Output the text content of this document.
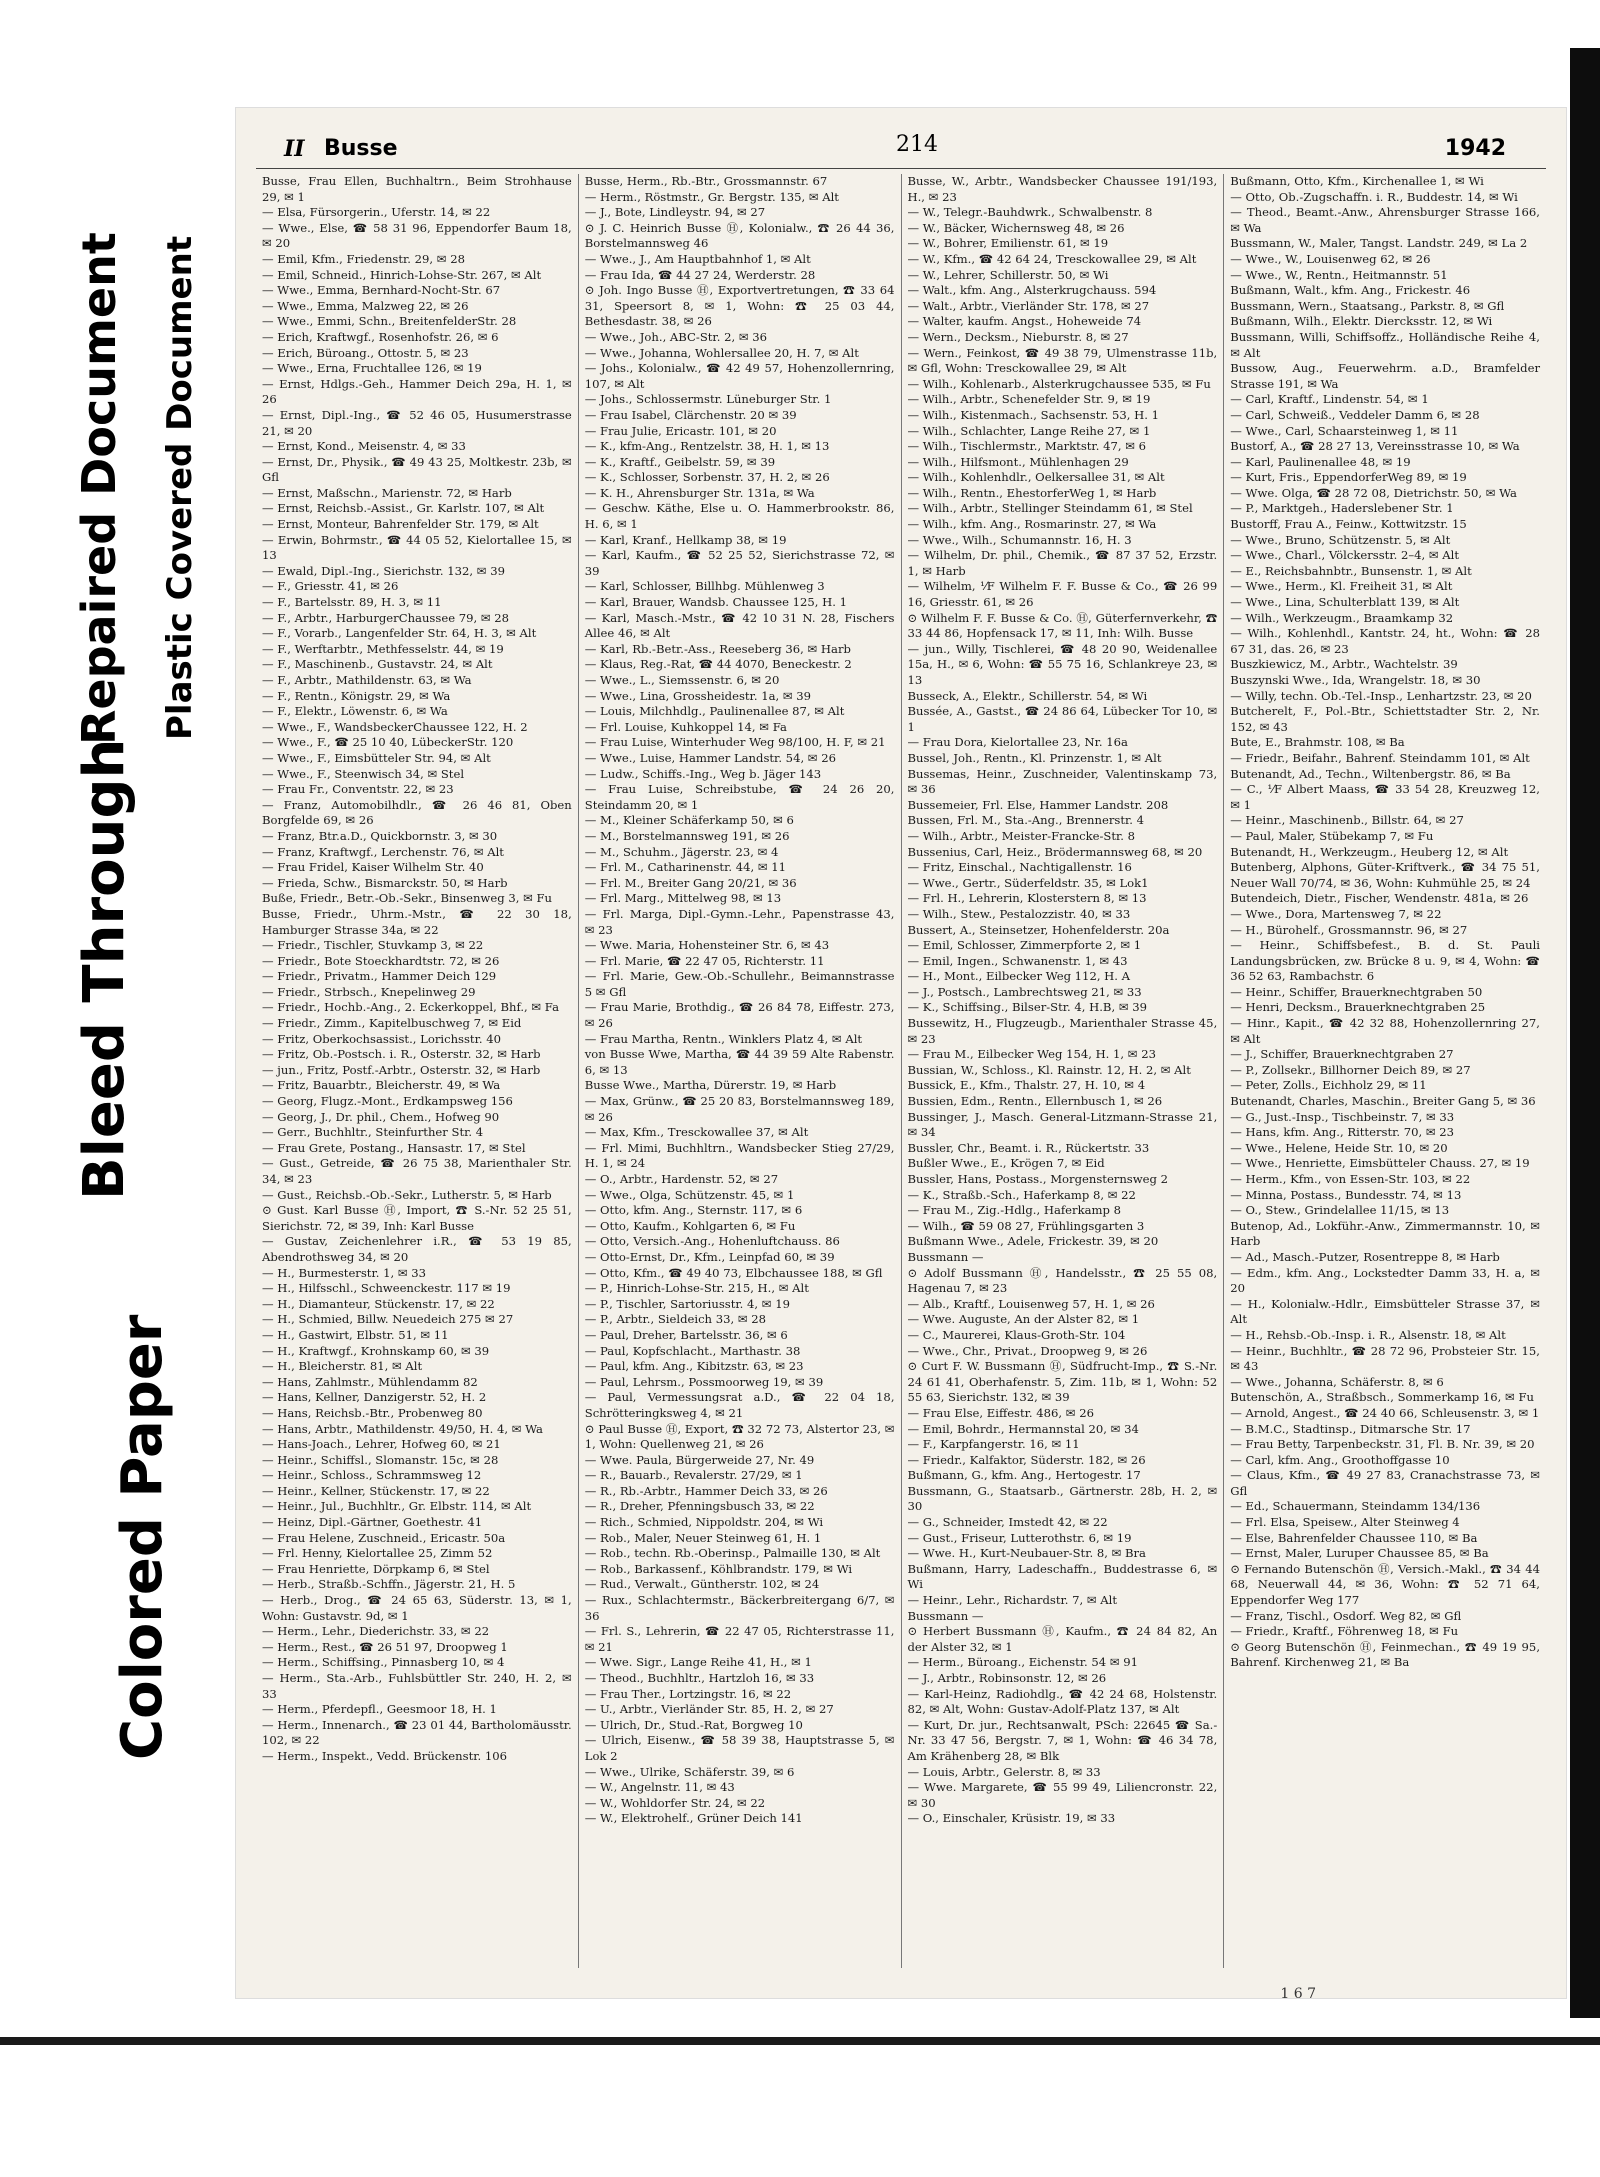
Bleed Through
Repaired Document Plastic Covered Document
Colored Paper
II Busse	214	1942
Busse, Frau Ellen, Buchhaltrn., Beim Strohhause 29, ✉ 1
— Elsa, Fürsorgerin., Uferstr. 14, ✉ 22
— Wwe., Else, ☎ 58 31 96, Eppendorfer Baum 18, ✉ 20
— Emil, Kfm., Friedenstr. 29, ✉ 28
— Emil, Schneid., Hinrich-Lohse-Str. 267, ✉ Alt
— Wwe., Emma, Bernhard-Nocht-Str. 67
— Wwe., Emma, Malzweg 22, ✉ 26
— Wwe., Emmi, Schn., BreitenfelderStr. 28
— Erich, Kraftwgf., Rosenhofstr. 26, ✉ 6
— Erich, Büroang., Ottostr. 5, ✉ 23
— Wwe., Erna, Fruchtallee 126, ✉ 19
— Ernst, Hdlgs.-Geh., Hammer Deich 29a, H. 1, ✉ 26
— Ernst, Dipl.-Ing., ☎ 52 46 05, Husumerstrasse 21, ✉ 20
— Ernst, Kond., Meisenstr. 4, ✉ 33
— Ernst, Dr., Physik., ☎ 49 43 25, Moltkestr. 23b, ✉ Gfl
— Ernst, Maßschn., Marienstr. 72, ✉ Harb
— Ernst, Reichsb.-Assist., Gr. Karlstr. 107, ✉ Alt
— Ernst, Monteur, Bahrenfelder Str. 179, ✉ Alt
— Erwin, Bohrmstr., ☎ 44 05 52, Kielortallee 15, ✉ 13
— Ewald, Dipl.-Ing., Sierichstr. 132, ✉ 39
— F., Griesstr. 41, ✉ 26
— F., Bartelsstr. 89, H. 3, ✉ 11
— F., Arbtr., HarburgerChaussee 79, ✉ 28
— F., Vorarb., Langenfelder Str. 64, H. 3, ✉ Alt
— F., Werftarbtr., Methfesselstr. 44, ✉ 19
— F., Maschinenb., Gustavstr. 24, ✉ Alt
— F., Arbtr., Mathildenstr. 63, ✉ Wa
— F., Rentn., Königstr. 29, ✉ Wa
— F., Elektr., Löwenstr. 6, ✉ Wa
— Wwe., F., WandsbeckerChaussee 122, H. 2
— Wwe., F., ☎ 25 10 40, LübeckerStr. 120
— Wwe., F., Eimsbütteler Str. 94, ✉ Alt
— Wwe., F., Steenwisch 34, ✉ Stel
— Frau Fr., Conventstr. 22, ✉ 23
— Franz, Automobilhdlr., ☎ 26 46 81, Oben Borgfelde 69, ✉ 26
— Franz, Btr.a.D., Quickbornstr. 3, ✉ 30
— Franz, Kraftwgf., Lerchenstr. 76, ✉ Alt
— Frau Fridel, Kaiser Wilhelm Str. 40
— Frieda, Schw., Bismarckstr. 50, ✉ Harb
Buße, Friedr., Betr.-Ob.-Sekr., Binsenweg 3, ✉ Fu
Busse, Friedr., Uhrm.-Mstr., ☎ 22 30 18, Hamburger Strasse 34a, ✉ 22
— Friedr., Tischler, Stuvkamp 3, ✉ 22
— Friedr., Bote Stoeckhardtstr. 72, ✉ 26
— Friedr., Privatm., Hammer Deich 129
— Friedr., Strbsch., Knepelinweg 29
— Friedr., Hochb.-Ang., 2. Eckerkoppel, Bhf., ✉ Fa
— Friedr., Zimm., Kapitelbuschweg 7, ✉ Eid
— Fritz, Oberkochsassist., Lorichsstr. 40
— Fritz, Ob.-Postsch. i. R., Osterstr. 32, ✉ Harb
— jun., Fritz, Postf.-Arbtr., Osterstr. 32, ✉ Harb
— Fritz, Bauarbtr., Bleicherstr. 49, ✉ Wa
— Georg, Flugz.-Mont., Erdkampsweg 156
— Georg, J., Dr. phil., Chem., Hofweg 90
— Gerr., Buchhltr., Steinfurther Str. 4
— Frau Grete, Postang., Hansastr. 17, ✉ Stel
— Gust., Getreide, ☎ 26 75 38, Marienthaler Str. 34, ✉ 23
— Gust., Reichsb.-Ob.-Sekr., Lutherstr. 5, ✉ Harb
⊙ Gust. Karl Busse Ⓗ, Import, ☎ S.-Nr. 52 25 51, Sierichstr. 72, ✉ 39, Inh: Karl Busse
— Gustav, Zeichenlehrer i.R., ☎ 53 19 85, Abendrothsweg 34, ✉ 20
— H., Burmesterstr. 1, ✉ 33
— H., Hilfsschl., Schweenckestr. 117 ✉ 19
— H., Diamanteur, Stückenstr. 17, ✉ 22
— H., Schmied, Billw. Neuedeich 275 ✉ 27
— H., Gastwirt, Elbstr. 51, ✉ 11
— H., Kraftwgf., Krohnskamp 60, ✉ 39
— H., Bleicherstr. 81, ✉ Alt
— Hans, Zahlmstr., Mühlendamm 82
— Hans, Kellner, Danzigerstr. 52, H. 2
— Hans, Reichsb.-Btr., Probenweg 80
— Hans, Arbtr., Mathildenstr. 49/50, H. 4, ✉ Wa
— Hans-Joach., Lehrer, Hofweg 60, ✉ 21
— Heinr., Schiffsl., Slomanstr. 15c, ✉ 28
— Heinr., Schloss., Schrammsweg 12
— Heinr., Kellner, Stückenstr. 17, ✉ 22
— Heinr., Jul., Buchhltr., Gr. Elbstr. 114, ✉ Alt
— Heinz, Dipl.-Gärtner, Goethestr. 41
— Frau Helene, Zuschneid., Ericastr. 50a
— Frl. Henny, Kielortallee 25, Zimm 52
— Frau Henriette, Dörpkamp 6, ✉ Stel
— Herb., Straßb.-Schffn., Jägerstr. 21, H. 5
— Herb., Drog., ☎ 24 65 63, Süderstr. 13, ✉ 1, Wohn: Gustavstr. 9d, ✉ 1
— Herm., Lehr., Diederichstr. 33, ✉ 22
— Herm., Rest., ☎ 26 51 97, Droopweg 1
— Herm., Schiffsing., Pinnasberg 10, ✉ 4
— Herm., Sta.-Arb., Fuhlsbüttler Str. 240, H. 2, ✉ 33
— Herm., Pferdepfl., Geesmoor 18, H. 1
— Herm., Innenarch., ☎ 23 01 44, Bartholomäusstr. 102, ✉ 22
— Herm., Inspekt., Vedd. Brückenstr. 106
Busse, Herm., Rb.-Btr., Grossmannstr. 67
— Herm., Röstmstr., Gr. Bergstr. 135, ✉ Alt
— J., Bote, Lindleystr. 94, ✉ 27
⊙ J. C. Heinrich Busse Ⓗ, Kolonialw., ☎ 26 44 36, Borstelmannsweg 46
— Wwe., J., Am Hauptbahnhof 1, ✉ Alt
— Frau Ida, ☎ 44 27 24, Werderstr. 28
⊙ Joh. Ingo Busse Ⓗ, Exportvertretungen, ☎ 33 64 31, Speersort 8, ✉ 1, Wohn: ☎ 25 03 44, Bethesdastr. 38, ✉ 26
— Wwe., Joh., ABC-Str. 2, ✉ 36
— Wwe., Johanna, Wohlersallee 20, H. 7, ✉ Alt
— Johs., Kolonialw., ☎ 42 49 57, Hohenzollernring, 107, ✉ Alt
— Johs., Schlossermstr. Lüneburger Str. 1
— Frau Isabel, Clärchenstr. 20 ✉ 39
— Frau Julie, Ericastr. 101, ✉ 20
— K., kfm-Ang., Rentzelstr. 38, H. 1, ✉ 13
— K., Kraftf., Geibelstr. 59, ✉ 39
— K., Schlosser, Sorbenstr. 37, H. 2, ✉ 26
— K. H., Ahrensburger Str. 131a, ✉ Wa
— Geschw. Käthe, Else u. O. Hammerbrookstr. 86, H. 6, ✉ 1
— Karl, Kranf., Hellkamp 38, ✉ 19
— Karl, Kaufm., ☎ 52 25 52, Sierichstrasse 72, ✉ 39
— Karl, Schlosser, Billhbg. Mühlenweg 3
— Karl, Brauer, Wandsb. Chaussee 125, H. 1
— Karl, Masch.-Mstr., ☎ 42 10 31 N. 28, Fischers Allee 46, ✉ Alt
— Karl, Rb.-Betr.-Ass., Reeseberg 36, ✉ Harb
— Klaus, Reg.-Rat, ☎ 44 4070, Beneckestr. 2
— Wwe., L., Siemssenstr. 6, ✉ 20
— Wwe., Lina, Grossheidestr. 1a, ✉ 39
— Louis, Milchhdlg., Paulinenallee 87, ✉ Alt
— Frl. Louise, Kuhkoppel 14, ✉ Fa
— Frau Luise, Winterhuder Weg 98/100, H. F, ✉ 21
— Wwe., Luise, Hammer Landstr. 54, ✉ 26
— Ludw., Schiffs.-Ing., Weg b. Jäger 143
— Frau Luise, Schreibstube, ☎ 24 26 20, Steindamm 20, ✉ 1
— M., Kleiner Schäferkamp 50, ✉ 6
— M., Borstelmannsweg 191, ✉ 26
— M., Schuhm., Jägerstr. 23, ✉ 4
— Frl. M., Catharinenstr. 44, ✉ 11
— Frl. M., Breiter Gang 20/21, ✉ 36
— Frl. Marg., Mittelweg 98, ✉ 13
— Frl. Marga, Dipl.-Gymn.-Lehr., Papenstrasse 43, ✉ 23
— Wwe. Maria, Hohensteiner Str. 6, ✉ 43
— Frl. Marie, ☎ 22 47 05, Richterstr. 11
— Frl. Marie, Gew.-Ob.-Schullehr., Beimannstrasse 5 ✉ Gfl
— Frau Marie, Brothdig., ☎ 26 84 78, Eiffestr. 273, ✉ 26
— Frau Martha, Rentn., Winklers Platz 4, ✉ Alt
von Busse Wwe, Martha, ☎ 44 39 59 Alte Rabenstr. 6, ✉ 13
Busse Wwe., Martha, Dürerstr. 19, ✉ Harb
— Max, Grünw., ☎ 25 20 83, Borstelmannsweg 189, ✉ 26
— Max, Kfm., Tresckowallee 37, ✉ Alt
— Frl. Mimi, Buchhltrn., Wandsbecker Stieg 27/29, H. 1, ✉ 24
— O., Arbtr., Hardenstr. 52, ✉ 27
— Wwe., Olga, Schützenstr. 45, ✉ 1
— Otto, kfm. Ang., Sternstr. 117, ✉ 6
— Otto, Kaufm., Kohlgarten 6, ✉ Fu
— Otto, Versich.-Ang., Hohenluftchauss. 86
— Otto-Ernst, Dr., Kfm., Leinpfad 60, ✉ 39
— Otto, Kfm., ☎ 49 40 73, Elbchaussee 188, ✉ Gfl
— P., Hinrich-Lohse-Str. 215, H., ✉ Alt
— P., Tischler, Sartoriusstr. 4, ✉ 19
— P., Arbtr., Sieldeich 33, ✉ 28
— Paul, Dreher, Bartelsstr. 36, ✉ 6
— Paul, Kopfschlacht., Marthastr. 38
— Paul, kfm. Ang., Kibitzstr. 63, ✉ 23
— Paul, Lehrsm., Possmoorweg 19, ✉ 39
— Paul, Vermessungsrat a.D., ☎ 22 04 18, Schrötteringksweg 4, ✉ 21
⊙ Paul Busse Ⓗ, Export, ☎ 32 72 73, Alstertor 23, ✉ 1, Wohn: Quellenweg 21, ✉ 26
— Wwe. Paula, Bürgerweide 27, Nr. 49
— R., Bauarb., Revalerstr. 27/29, ✉ 1
— R., Rb.-Arbtr., Hammer Deich 33, ✉ 26
— R., Dreher, Pfenningsbusch 33, ✉ 22
— Rich., Schmied, Nippoldstr. 204, ✉ Wi
— Rob., Maler, Neuer Steinweg 61, H. 1
— Rob., techn. Rb.-Oberinsp., Palmaille 130, ✉ Alt
— Rob., Barkassenf., Köhlbrandstr. 179, ✉ Wi
— Rud., Verwalt., Güntherstr. 102, ✉ 24
— Rux., Schlachtermstr., Bäckerbreitergang 6/7, ✉ 36
— Frl. S., Lehrerin, ☎ 22 47 05, Richterstrasse 11, ✉ 21
— Wwe. Sigr., Lange Reihe 41, H., ✉ 1
— Theod., Buchhltr., Hartzloh 16, ✉ 33
— Frau Ther., Lortzingstr. 16, ✉ 22
— U., Arbtr., Vierländer Str. 85, H. 2, ✉ 27
— Ulrich, Dr., Stud.-Rat, Borgweg 10
— Ulrich, Eisenw., ☎ 58 39 38, Hauptstrasse 5, ✉ Lok 2
— Wwe., Ulrike, Schäferstr. 39, ✉ 6
— W., Angelnstr. 11, ✉ 43
— W., Wohldorfer Str. 24, ✉ 22
— W., Elektrohelf., Grüner Deich 141
Busse, W., Arbtr., Wandsbecker Chaussee 191/193, H., ✉ 23
— W., Telegr.-Bauhdwrk., Schwalbenstr. 8
— W., Bäcker, Wichernsweg 48, ✉ 26
— W., Bohrer, Emilienstr. 61, ✉ 19
— W., Kfm., ☎ 42 64 24, Tresckowallee 29, ✉ Alt
— W., Lehrer, Schillerstr. 50, ✉ Wi
— Walt., kfm. Ang., Alsterkrugchauss. 594
— Walt., Arbtr., Vierländer Str. 178, ✉ 27
— Walter, kaufm. Angst., Hoheweide 74
— Wern., Decksm., Nieburstr. 8, ✉ 27
— Wern., Feinkost, ☎ 49 38 79, Ulmenstrasse 11b, ✉ Gfl, Wohn: Tresckowallee 29, ✉ Alt
— Wilh., Kohlenarb., Alsterkrugchaussee 535, ✉ Fu
— Wilh., Arbtr., Schenefelder Str. 9, ✉ 19
— Wilh., Kistenmach., Sachsenstr. 53, H. 1
— Wilh., Schlachter, Lange Reihe 27, ✉ 1
— Wilh., Tischlermstr., Marktstr. 47, ✉ 6
— Wilh., Hilfsmont., Mühlenhagen 29
— Wilh., Kohlenhdlr., Oelkersallee 31, ✉ Alt
— Wilh., Rentn., EhestorferWeg 1, ✉ Harb
— Wilh., Arbtr., Stellinger Steindamm 61, ✉ Stel
— Wilh., kfm. Ang., Rosmarinstr. 27, ✉ Wa
— Wwe., Wilh., Schumannstr. 16, H. 3
— Wilhelm, Dr. phil., Chemik., ☎ 87 37 52, Erzstr. 1, ✉ Harb
— Wilhelm, ⅟F Wilhelm F. F. Busse & Co., ☎ 26 99 16, Griesstr. 61, ✉ 26
⊙ Wilhelm F. F. Busse & Co. Ⓗ, Güterfernverkehr, ☎ 33 44 86, Hopfensack 17, ✉ 11, Inh: Wilh. Busse
— jun., Willy, Tischlerei, ☎ 48 20 90, Weidenallee 15a, H., ✉ 6, Wohn: ☎ 55 75 16, Schlankreye 23, ✉ 13
Busseck, A., Elektr., Schillerstr. 54, ✉ Wi
Bussée, A., Gastst., ☎ 24 86 64, Lübecker Tor 10, ✉ 1
— Frau Dora, Kielortallee 23, Nr. 16a
Bussel, Joh., Rentn., Kl. Prinzenstr. 1, ✉ Alt
Bussemas, Heinr., Zuschneider, Valentinskamp 73, ✉ 36
Bussemeier, Frl. Else, Hammer Landstr. 208
Bussen, Frl. M., Sta.-Ang., Brennerstr. 4
— Wilh., Arbtr., Meister-Francke-Str. 8
Bussenius, Carl, Heiz., Brödermannsweg 68, ✉ 20
— Fritz, Einschal., Nachtigallenstr. 16
— Wwe., Gertr., Süderfeldstr. 35, ✉ Lok1
— Frl. H., Lehrerin, Klosterstern 8, ✉ 13
— Wilh., Stew., Pestalozzistr. 40, ✉ 33
Bussert, A., Steinsetzer, Hohenfelderstr. 20a
— Emil, Schlosser, Zimmerpforte 2, ✉ 1
— Emil, Ingen., Schwanenstr. 1, ✉ 43
— H., Mont., Eilbecker Weg 112, H. A
— J., Postsch., Lambrechtsweg 21, ✉ 33
— K., Schiffsing., Bilser-Str. 4, H.B, ✉ 39
Bussewitz, H., Flugzeugb., Marienthaler Strasse 45, ✉ 23
— Frau M., Eilbecker Weg 154, H. 1, ✉ 23
Bussian, W., Schloss., Kl. Rainstr. 12, H. 2, ✉ Alt
Bussick, E., Kfm., Thalstr. 27, H. 10, ✉ 4
Bussien, Edm., Rentn., Ellernbusch 1, ✉ 26
Bussinger, J., Masch. General-Litzmann-Strasse 21, ✉ 34
Bussler, Chr., Beamt. i. R., Rückertstr. 33
Bußler Wwe., E., Krögen 7, ✉ Eid
Bussler, Hans, Postass., Morgensternsweg 2
— K., Straßb.-Sch., Haferkamp 8, ✉ 22
— Frau M., Zig.-Hdlg., Haferkamp 8
— Wilh., ☎ 59 08 27, Frühlingsgarten 3
Bußmann Wwe., Adele, Frickestr. 39, ✉ 20
Bussmann —
⊙ Adolf Bussmann Ⓗ, Handelsstr., ☎ 25 55 08, Hagenau 7, ✉ 23
— Alb., Kraftf., Louisenweg 57, H. 1, ✉ 26
— Wwe. Auguste, An der Alster 82, ✉ 1
— C., Maurerei, Klaus-Groth-Str. 104
— Wwe., Chr., Privat., Droopweg 9, ✉ 26
⊙ Curt F. W. Bussmann Ⓗ, Südfrucht-Imp., ☎ S.-Nr. 24 61 41, Oberhafenstr. 5, Zim. 11b, ✉ 1, Wohn: 52 55 63, Sierichstr. 132, ✉ 39
— Frau Else, Eiffestr. 486, ✉ 26
— Emil, Bohrdr., Hermannstal 20, ✉ 34
— F., Karpfangerstr. 16, ✉ 11
— Friedr., Kalfaktor, Süderstr. 182, ✉ 26
Bußmann, G., kfm. Ang., Hertogestr. 17
Bussmann, G., Staatsarb., Gärtnerstr. 28b, H. 2, ✉ 30
— G., Schneider, Imstedt 42, ✉ 22
— Gust., Friseur, Lutterothstr. 6, ✉ 19
— Wwe. H., Kurt-Neubauer-Str. 8, ✉ Bra
Bußmann, Harry, Ladeschaffn., Buddestrasse 6, ✉ Wi
— Heinr., Lehr., Richardstr. 7, ✉ Alt
Bussmann —
⊙ Herbert Bussmann Ⓗ, Kaufm., ☎ 24 84 82, An der Alster 32, ✉ 1
— Herm., Büroang., Eichenstr. 54 ✉ 91
— J., Arbtr., Robinsonstr. 12, ✉ 26
— Karl-Heinz, Radiohdlg., ☎ 42 24 68, Holstenstr. 82, ✉ Alt, Wohn: Gustav-Adolf-Platz 137, ✉ Alt
— Kurt, Dr. jur., Rechtsanwalt, PSch: 22645 ☎ Sa.-Nr. 33 47 56, Bergstr. 7, ✉ 1, Wohn: ☎ 46 34 78, Am Krähenberg 28, ✉ Blk
— Louis, Arbtr., Gelerstr. 8, ✉ 33
— Wwe. Margarete, ☎ 55 99 49, Liliencronstr. 22, ✉ 30
— O., Einschaler, Krüsistr. 19, ✉ 33
Bußmann, Otto, Kfm., Kirchenallee 1, ✉ Wi
— Otto, Ob.-Zugschaffn. i. R., Buddestr. 14, ✉ Wi
— Theod., Beamt.-Anw., Ahrensburger Strasse 166, ✉ Wa
Bussmann, W., Maler, Tangst. Landstr. 249, ✉ La 2
— Wwe., W., Louisenweg 62, ✉ 26
— Wwe., W., Rentn., Heitmannstr. 51
Bußmann, Walt., kfm. Ang., Frickestr. 46
Bussmann, Wern., Staatsang., Parkstr. 8, ✉ Gfl
Bußmann, Wilh., Elektr. Diercksstr. 12, ✉ Wi
Bussmann, Willi, Schiffsoffz., Holländische Reihe 4, ✉ Alt
Bussow, Aug., Feuerwehrm. a.D., Bramfelder Strasse 191, ✉ Wa
— Carl, Kraftf., Lindenstr. 54, ✉ 1
— Carl, Schweiß., Veddeler Damm 6, ✉ 28
— Wwe., Carl, Schaarsteinweg 1, ✉ 11
Bustorf, A., ☎ 28 27 13, Vereinsstrasse 10, ✉ Wa
— Karl, Paulinenallee 48, ✉ 19
— Kurt, Fris., EppendorferWeg 89, ✉ 19
— Wwe. Olga, ☎ 28 72 08, Dietrichstr. 50, ✉ Wa
— P., Marktgeh., Haderslebener Str. 1
Bustorff, Frau A., Feinw., Kottwitzstr. 15
— Wwe., Bruno, Schützenstr. 5, ✉ Alt
— Wwe., Charl., Völckersstr. 2–4, ✉ Alt
— E., Reichsbahnbtr., Bunsenstr. 1, ✉ Alt
— Wwe., Herm., Kl. Freiheit 31, ✉ Alt
— Wwe., Lina, Schulterblatt 139, ✉ Alt
— Wilh., Werkzeugm., Braamkamp 32
— Wilh., Kohlenhdl., Kantstr. 24, ht., Wohn: ☎ 28 67 31, das. 26, ✉ 23
Buszkiewicz, M., Arbtr., Wachtelstr. 39
Buszynski Wwe., Ida, Wrangelstr. 18, ✉ 30
— Willy, techn. Ob.-Tel.-Insp., Lenhartzstr. 23, ✉ 20
Butcherelt, F., Pol.-Btr., Schiettstadter Str. 2, Nr. 152, ✉ 43
Bute, E., Brahmstr. 108, ✉ Ba
— Friedr., Beifahr., Bahrenf. Steindamm 101, ✉ Alt
Butenandt, Ad., Techn., Wiltenbergstr. 86, ✉ Ba
— C., ⅟F Albert Maass, ☎ 33 54 28, Kreuzweg 12, ✉ 1
— Heinr., Maschinenb., Billstr. 64, ✉ 27
— Paul, Maler, Stübekamp 7, ✉ Fu
Butenandt, H., Werkzeugm., Heuberg 12, ✉ Alt
Butenberg, Alphons, Güter-Kriftverk., ☎ 34 75 51, Neuer Wall 70/74, ✉ 36, Wohn: Kuhmühle 25, ✉ 24
Butendeich, Dietr., Fischer, Wendenstr. 481a, ✉ 26
— Wwe., Dora, Martensweg 7, ✉ 22
— H., Bürohelf., Grossmannstr. 96, ✉ 27
— Heinr., Schiffsbefest., B. d. St. Pauli Landungsbrücken, zw. Brücke 8 u. 9, ✉ 4, Wohn: ☎ 36 52 63, Rambachstr. 6
— Heinr., Schiffer, Brauerknechtgraben 50
— Henri, Decksm., Brauerknechtgraben 25
— Hinr., Kapit., ☎ 42 32 88, Hohenzollernring 27, ✉ Alt
— J., Schiffer, Brauerknechtgraben 27
— P., Zollsekr., Billhorner Deich 89, ✉ 27
— Peter, Zolls., Eichholz 29, ✉ 11
Butenandt, Charles, Maschin., Breiter Gang 5, ✉ 36
— G., Just.-Insp., Tischbeinstr. 7, ✉ 33
— Hans, kfm. Ang., Ritterstr. 70, ✉ 23
— Wwe., Helene, Heide Str. 10, ✉ 20
— Wwe., Henriette, Eimsbütteler Chauss. 27, ✉ 19
— Herm., Kfm., von Essen-Str. 103, ✉ 22
— Minna, Postass., Bundesstr. 74, ✉ 13
— O., Stew., Grindelallee 11/15, ✉ 13
Butenop, Ad., Lokführ.-Anw., Zimmermannstr. 10, ✉ Harb
— Ad., Masch.-Putzer, Rosentreppe 8, ✉ Harb
— Edm., kfm. Ang., Lockstedter Damm 33, H. a, ✉ 20
— H., Kolonialw.-Hdlr., Eimsbütteler Strasse 37, ✉ Alt
— H., Rehsb.-Ob.-Insp. i. R., Alsenstr. 18, ✉ Alt
— Heinr., Buchhltr., ☎ 28 72 96, Probsteier Str. 15, ✉ 43
— Wwe., Johanna, Schäferstr. 8, ✉ 6
Butenschön, A., Straßbsch., Sommerkamp 16, ✉ Fu
— Arnold, Angest., ☎ 24 40 66, Schleusenstr. 3, ✉ 1
— B.M.C., Stadtinsp., Ditmarsche Str. 17
— Frau Betty, Tarpenbeckstr. 31, Fl. B. Nr. 39, ✉ 20
— Carl, kfm. Ang., Groothoffgasse 10
— Claus, Kfm., ☎ 49 27 83, Cranachstrasse 73, ✉ Gfl
— Ed., Schauermann, Steindamm 134/136
— Frl. Elsa, Speisew., Alter Steinweg 4
— Else, Bahrenfelder Chaussee 110, ✉ Ba
— Ernst, Maler, Luruper Chaussee 85, ✉ Ba
⊙ Fernando Butenschön Ⓗ, Versich.-Makl., ☎ 34 44 68, Neuerwall 44, ✉ 36, Wohn: ☎ 52 71 64, Eppendorfer Weg 177
— Franz, Tischl., Osdorf. Weg 82, ✉ Gfl
— Friedr., Kraftf., Föhrenweg 18, ✉ Fu
⊙ Georg Butenschön Ⓗ, Feinmechan., ☎ 49 19 95, Bahrenf. Kirchenweg 21, ✉ Ba
1 6 7
